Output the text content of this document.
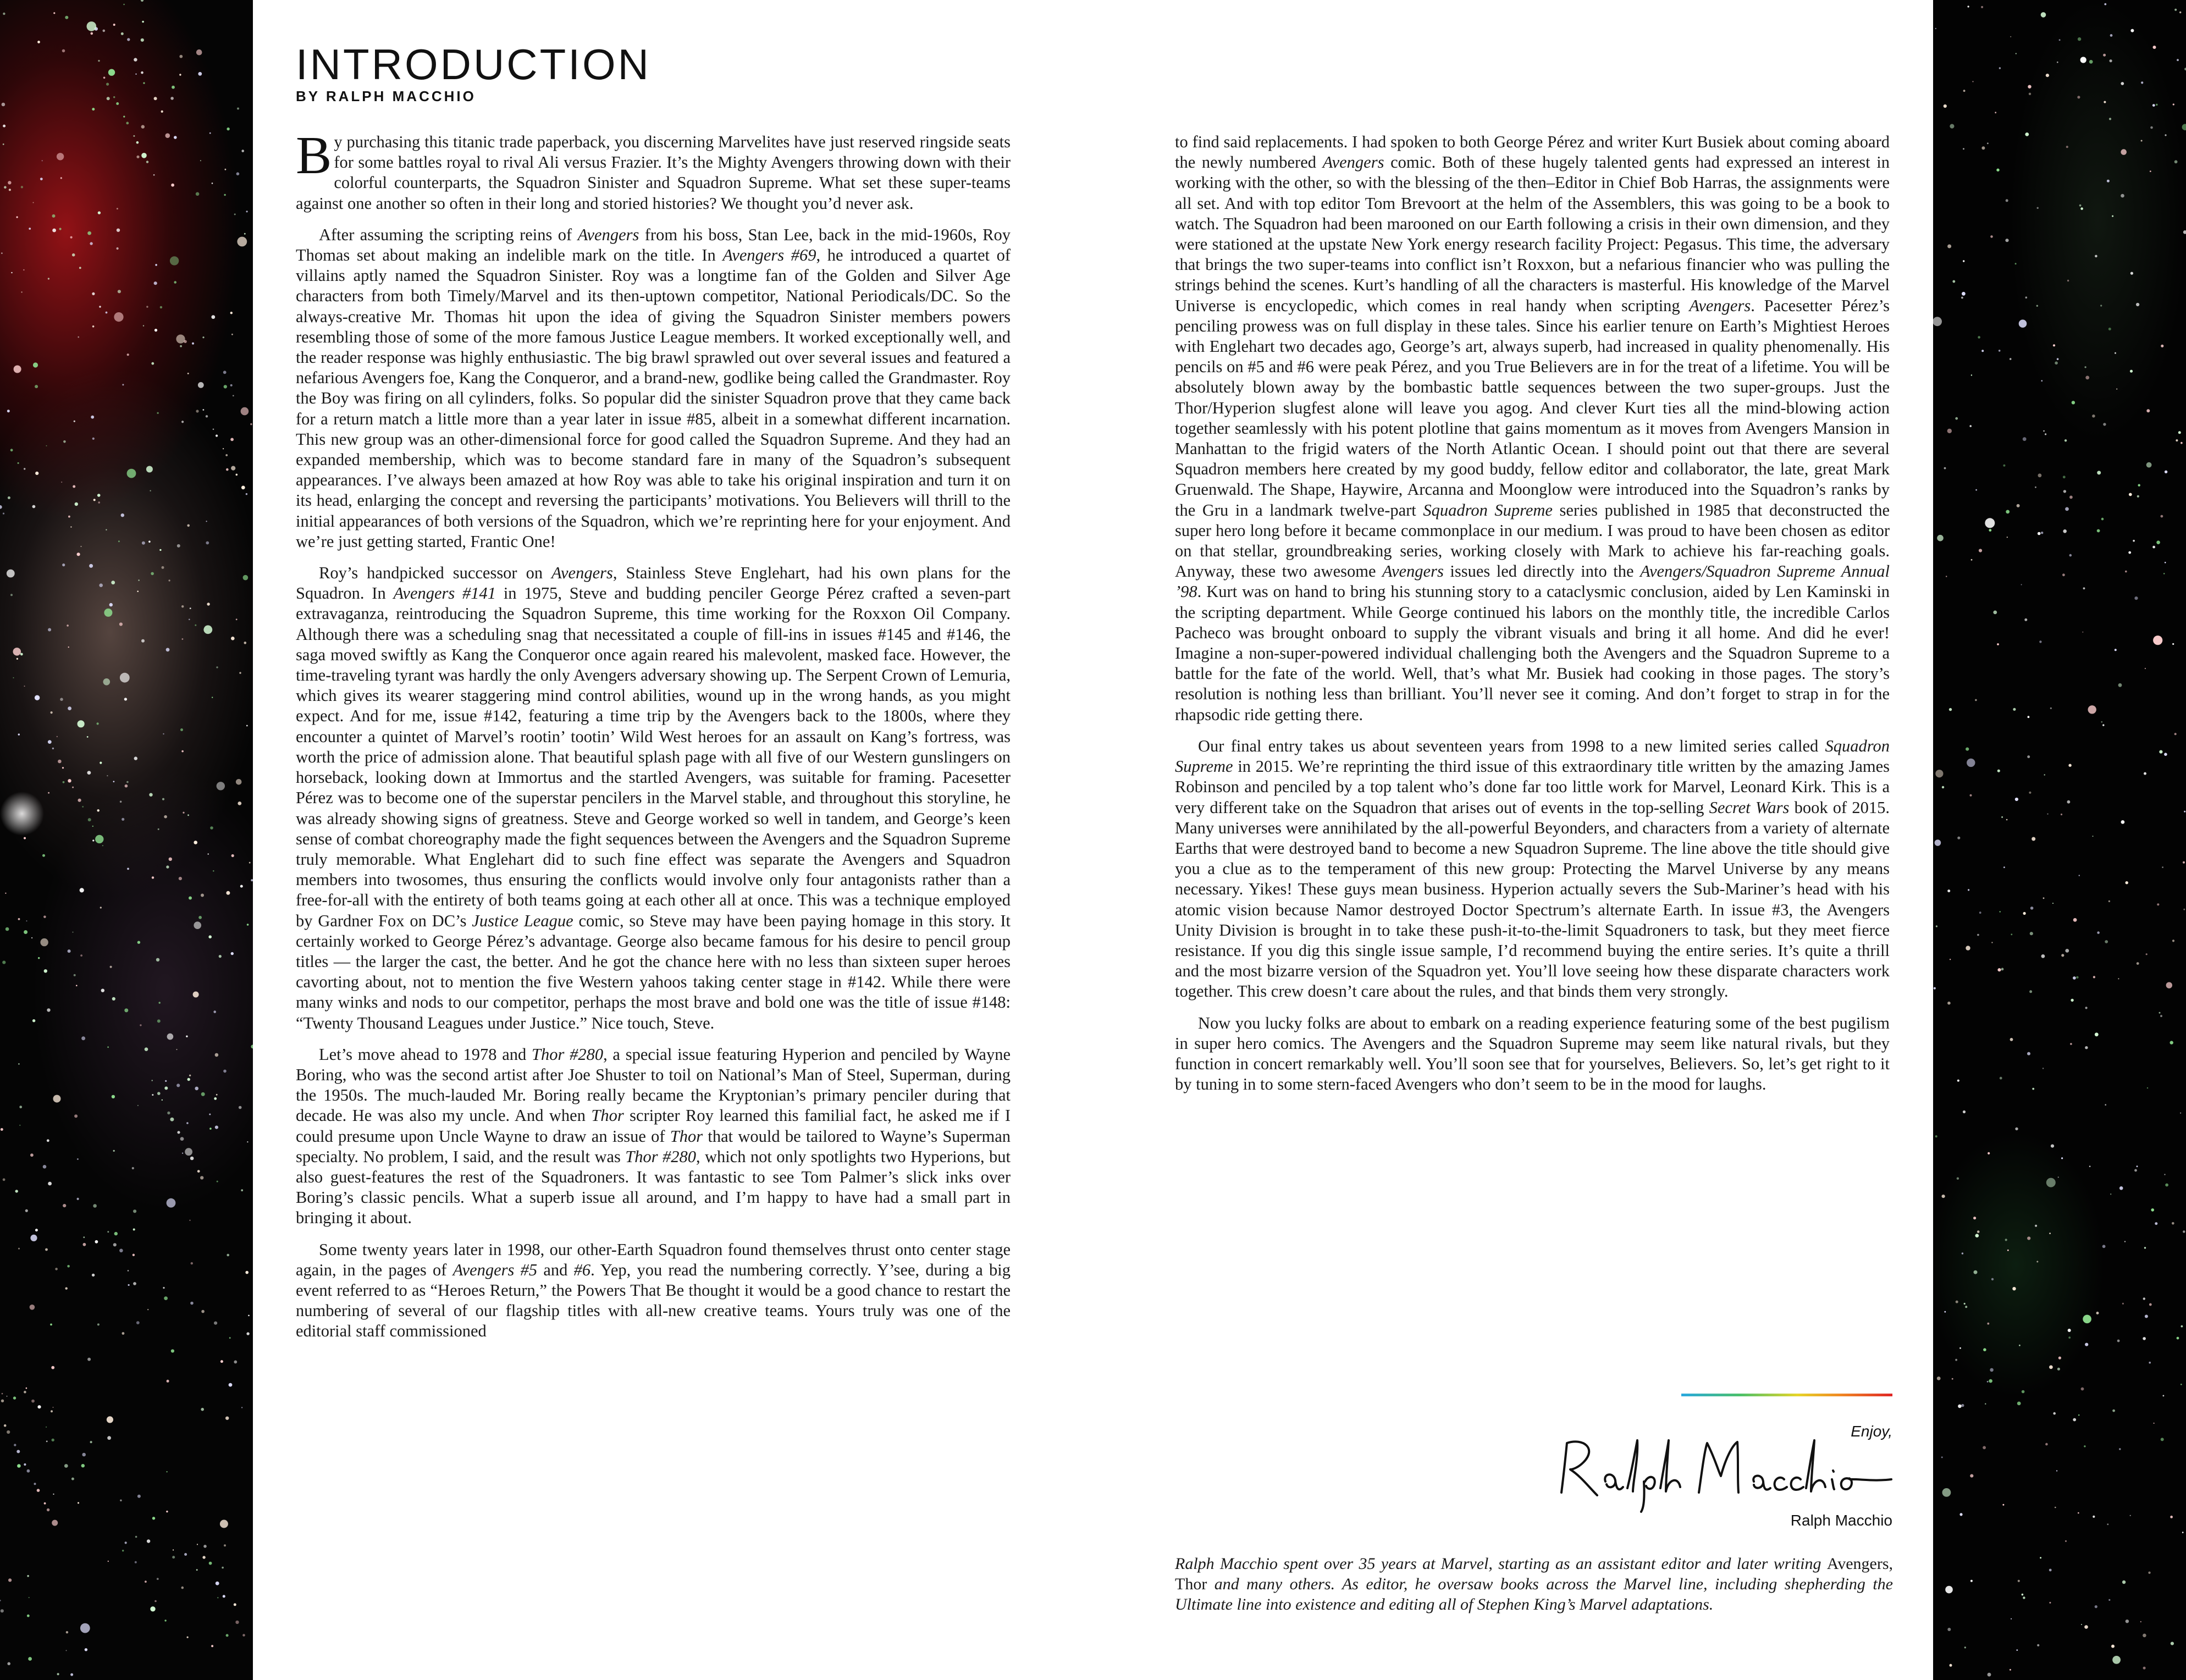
INTRODUCTION
BY RALPH MACCHIO

By purchasing this titanic trade paperback, you discerning Marvelites have just reserved ringside seats for some battles royal to rival Ali versus Frazier. It’s the Mighty Avengers throwing down with their colorful counterparts, the Squadron Sinister and Squadron Supreme. What set these super-teams against one another so often in their long and storied histories? We thought you’d never ask.

After assuming the scripting reins of Avengers from his boss, Stan Lee, back in the mid-1960s, Roy Thomas set about making an indelible mark on the title. In Avengers #69, he introduced a quartet of villains aptly named the Squadron Sinister. Roy was a longtime fan of the Golden and Silver Age characters from both Timely/Marvel and its then-uptown competitor, National Periodicals/DC. So the always-creative Mr. Thomas hit upon the idea of giving the Squadron Sinister members powers resembling those of some of the more famous Justice League members. It worked exceptionally well, and the reader response was highly enthusiastic. The big brawl sprawled out over several issues and featured a nefarious Avengers foe, Kang the Conqueror, and a brand-new, godlike being called the Grandmaster. Roy the Boy was firing on all cylinders, folks. So popular did the sinister Squadron prove that they came back for a return match a little more than a year later in issue #85, albeit in a somewhat different incarnation. This new group was an other-dimensional force for good called the Squadron Supreme. And they had an expanded membership, which was to become standard fare in many of the Squadron’s subsequent appearances. I’ve always been amazed at how Roy was able to take his original inspiration and turn it on its head, enlarging the concept and reversing the participants’ motivations. You Believers will thrill to the initial appearances of both versions of the Squadron, which we’re reprinting here for your enjoyment. And we’re just getting started, Frantic One!

Roy’s handpicked successor on Avengers, Stainless Steve Englehart, had his own plans for the Squadron. In Avengers #141 in 1975, Steve and budding penciler George Pérez crafted a seven-part extravaganza, reintroducing the Squadron Supreme, this time working for the Roxxon Oil Company. Although there was a scheduling snag that necessitated a couple of fill-ins in issues #145 and #146, the saga moved swiftly as Kang the Conqueror once again reared his malevolent, masked face. However, the time-traveling tyrant was hardly the only Avengers adversary showing up. The Serpent Crown of Lemuria, which gives its wearer staggering mind control abilities, wound up in the wrong hands, as you might expect. And for me, issue #142, featuring a time trip by the Avengers back to the 1800s, where they encounter a quintet of Marvel’s rootin’ tootin’ Wild West heroes for an assault on Kang’s fortress, was worth the price of admission alone. That beautiful splash page with all five of our Western gunslingers on horseback, looking down at Immortus and the startled Avengers, was suitable for framing. Pacesetter Pérez was to become one of the superstar pencilers in the Marvel stable, and throughout this storyline, he was already showing signs of greatness. Steve and George worked so well in tandem, and George’s keen sense of combat choreography made the fight sequences between the Avengers and the Squadron Supreme truly memorable. What Englehart did to such fine effect was separate the Avengers and Squadron members into twosomes, thus ensuring the conflicts would involve only four antagonists rather than a free-for-all with the entirety of both teams going at each other all at once. This was a technique employed by Gardner Fox on DC’s Justice League comic, so Steve may have been paying homage in this story. It certainly worked to George Pérez’s advantage. George also became famous for his desire to pencil group titles — the larger the cast, the better. And he got the chance here with no less than sixteen super heroes cavorting about, not to mention the five Western yahoos taking center stage in #142. While there were many winks and nods to our competitor, perhaps the most brave and bold one was the title of issue #148: “Twenty Thousand Leagues under Justice.” Nice touch, Steve.

Let’s move ahead to 1978 and Thor #280, a special issue featuring Hyperion and penciled by Wayne Boring, who was the second artist after Joe Shuster to toil on National’s Man of Steel, Superman, during the 1950s. The much-lauded Mr. Boring really became the Kryptonian’s primary penciler during that decade. He was also my uncle. And when Thor scripter Roy learned this familial fact, he asked me if I could presume upon Uncle Wayne to draw an issue of Thor that would be tailored to Wayne’s Superman specialty. No problem, I said, and the result was Thor #280, which not only spotlights two Hyperions, but also guest-features the rest of the Squadroners. It was fantastic to see Tom Palmer’s slick inks over Boring’s classic pencils. What a superb issue all around, and I’m happy to have had a small part in bringing it about.

Some twenty years later in 1998, our other-Earth Squadron found themselves thrust onto center stage again, in the pages of Avengers #5 and #6. Yep, you read the numbering correctly. Y’see, during a big event referred to as “Heroes Return,” the Powers That Be thought it would be a good chance to restart the numbering of several of our flagship titles with all-new creative teams. Yours truly was one of the editorial staff commissioned

to find said replacements. I had spoken to both George Pérez and writer Kurt Busiek about coming aboard the newly numbered Avengers comic. Both of these hugely talented gents had expressed an interest in working with the other, so with the blessing of the then–Editor in Chief Bob Harras, the assignments were all set. And with top editor Tom Brevoort at the helm of the Assemblers, this was going to be a book to watch. The Squadron had been marooned on our Earth following a crisis in their own dimension, and they were stationed at the upstate New York energy research facility Project: Pegasus. This time, the adversary that brings the two super-teams into conflict isn’t Roxxon, but a nefarious financier who was pulling the strings behind the scenes. Kurt’s handling of all the characters is masterful. His knowledge of the Marvel Universe is encyclopedic, which comes in real handy when scripting Avengers. Pacesetter Pérez’s penciling prowess was on full display in these tales. Since his earlier tenure on Earth’s Mightiest Heroes with Englehart two decades ago, George’s art, always superb, had increased in quality phenomenally. His pencils on #5 and #6 were peak Pérez, and you True Believers are in for the treat of a lifetime. You will be absolutely blown away by the bombastic battle sequences between the two super-groups. Just the Thor/Hyperion slugfest alone will leave you agog. And clever Kurt ties all the mind-blowing action together seamlessly with his potent plotline that gains momentum as it moves from Avengers Mansion in Manhattan to the frigid waters of the North Atlantic Ocean. I should point out that there are several Squadron members here created by my good buddy, fellow editor and collaborator, the late, great Mark Gruenwald. The Shape, Haywire, Arcanna and Moonglow were introduced into the Squadron’s ranks by the Gru in a landmark twelve-part Squadron Supreme series published in 1985 that deconstructed the super hero long before it became commonplace in our medium. I was proud to have been chosen as editor on that stellar, groundbreaking series, working closely with Mark to achieve his far-reaching goals. Anyway, these two awesome Avengers issues led directly into the Avengers/Squadron Supreme Annual ’98. Kurt was on hand to bring his stunning story to a cataclysmic conclusion, aided by Len Kaminski in the scripting department. While George continued his labors on the monthly title, the incredible Carlos Pacheco was brought onboard to supply the vibrant visuals and bring it all home. And did he ever! Imagine a non-super-powered individual challenging both the Avengers and the Squadron Supreme to a battle for the fate of the world. Well, that’s what Mr. Busiek had cooking in those pages. The story’s resolution is nothing less than brilliant. You’ll never see it coming. And don’t forget to strap in for the rhapsodic ride getting there.

Our final entry takes us about seventeen years from 1998 to a new limited series called Squadron Supreme in 2015. We’re reprinting the third issue of this extraordinary title written by the amazing James Robinson and penciled by a top talent who’s done far too little work for Marvel, Leonard Kirk. This is a very different take on the Squadron that arises out of events in the top-selling Secret Wars book of 2015. Many universes were annihilated by the all-powerful Beyonders, and characters from a variety of alternate Earths that were destroyed band to become a new Squadron Supreme. The line above the title should give you a clue as to the temperament of this new group: Protecting the Marvel Universe by any means necessary. Yikes! These guys mean business. Hyperion actually severs the Sub-Mariner’s head with his atomic vision because Namor destroyed Doctor Spectrum’s alternate Earth. In issue #3, the Avengers Unity Division is brought in to take these push-it-to-the-limit Squadroners to task, but they meet fierce resistance. If you dig this single issue sample, I’d recommend buying the entire series. It’s quite a thrill and the most bizarre version of the Squadron yet. You’ll love seeing how these disparate characters work together. This crew doesn’t care about the rules, and that binds them very strongly.

Now you lucky folks are about to embark on a reading experience featuring some of the best pugilism in super hero comics. The Avengers and the Squadron Supreme may seem like natural rivals, but they function in concert remarkably well. You’ll soon see that for yourselves, Believers. So, let’s get right to it by tuning in to some stern-faced Avengers who don’t seem to be in the mood for laughs.

Enjoy,
Ralph Macchio
Ralph Macchio spent over 35 years at Marvel, starting as an assistant editor and later writing Avengers, Thor and many others. As editor, he oversaw books across the Marvel line, including shepherding the Ultimate line into existence and editing all of Stephen King’s Marvel adaptations.
